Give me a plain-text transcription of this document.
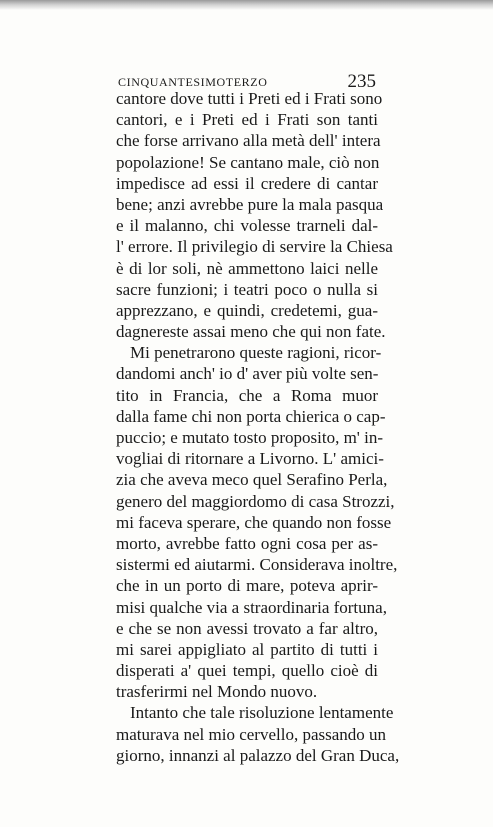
CINQUANTESIMOTERZO	235
cantore dove tutti i Preti ed i Frati sono
cantori, e i Preti ed i Frati son tanti
che forse arrivano alla metà dell' intera
popolazione! Se cantano male, ciò non
impedisce ad essi il credere di cantar
bene; anzi avrebbe pure la mala pasqua
e il malanno, chi volesse trarneli dal-
l' errore. Il privilegio di servire la Chiesa
è di lor soli, nè ammettono laici nelle
sacre funzioni; i teatri poco o nulla si
apprezzano, e quindi, credetemi, gua-
dagnereste assai meno che qui non fate.
Mi penetrarono queste ragioni, ricor-
dandomi anch' io d' aver più volte sen-
tito in Francia, che a Roma muor
dalla fame chi non porta chierica o cap-
puccio; e mutato tosto proposito, m' in-
vogliai di ritornare a Livorno. L' amici-
zia che aveva meco quel Serafino Perla,
genero del maggiordomo di casa Strozzi,
mi faceva sperare, che quando non fosse
morto, avrebbe fatto ogni cosa per as-
sistermi ed aiutarmi. Considerava inoltre,
che in un porto di mare, poteva aprir-
misi qualche via a straordinaria fortuna,
e che se non avessi trovato a far altro,
mi sarei appigliato al partito di tutti i
disperati a' quei tempi, quello cioè di
trasferirmi nel Mondo nuovo.
Intanto che tale risoluzione lentamente
maturava nel mio cervello, passando un
giorno, innanzi al palazzo del Gran Duca,
